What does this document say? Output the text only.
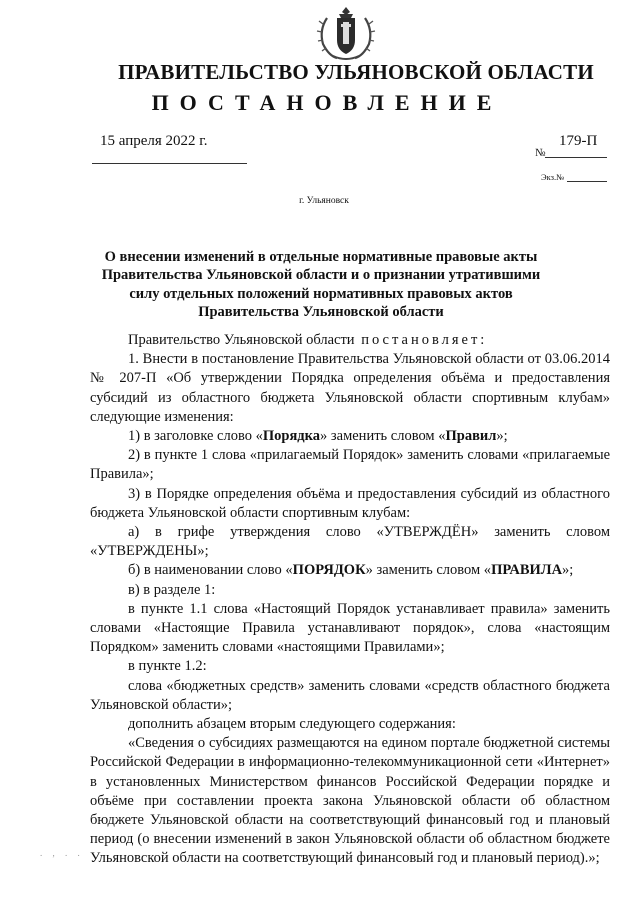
ПРАВИТЕЛЬСТВО УЛЬЯНОВСКОЙ ОБЛАСТИ
ПОСТАНОВЛЕНИЕ
15 апреля 2022 г.
№
179-П
Экз.№
г. Ульяновск
О внесении изменений в отдельные нормативные правовые акты Правительства Ульяновской области и о признании утратившими силу отдельных положений нормативных правовых актов Правительства Ульяновской области

Правительство Ульяновской области постановляет:

1. Внести в постановление Правительства Ульяновской области от 03.06.2014 № 207-П «Об утверждении Порядка определения объёма и предоставления субсидий из областного бюджета Ульяновской области спортивным клубам» следующие изменения:

1) в заголовке слово «Порядка» заменить словом «Правил»;

2) в пункте 1 слова «прилагаемый Порядок» заменить словами «прилагаемые Правила»;

3) в Порядке определения объёма и предоставления субсидий из областного бюджета Ульяновской области спортивным клубам:

а) в грифе утверждения слово «УТВЕРЖДЁН» заменить словом «УТВЕРЖДЕНЫ»;

б) в наименовании слово «ПОРЯДОК» заменить словом «ПРАВИЛА»;

в) в разделе 1:

в пункте 1.1 слова «Настоящий Порядок устанавливает правила» заменить словами «Настоящие Правила устанавливают порядок», слова «настоящим Порядком» заменить словами «настоящими Правилами»;

в пункте 1.2:

слова «бюджетных средств» заменить словами «средств областного бюджета Ульяновской области»;

дополнить абзацем вторым следующего содержания:

«Сведения о субсидиях размещаются на едином портале бюджетной системы Российской Федерации в информационно-телекоммуникационной сети «Интернет» в установленных Министерством финансов Российской Федерации порядке и объёме при составлении проекта закона Ульяновской области об областном бюджете Ульяновской области на соответствующий финансовый год и плановый период (о внесении изменений в закон Ульяновской области об областном бюджете Ульяновской области на соответствующий финансовый год и плановый период).»;

. , . .
